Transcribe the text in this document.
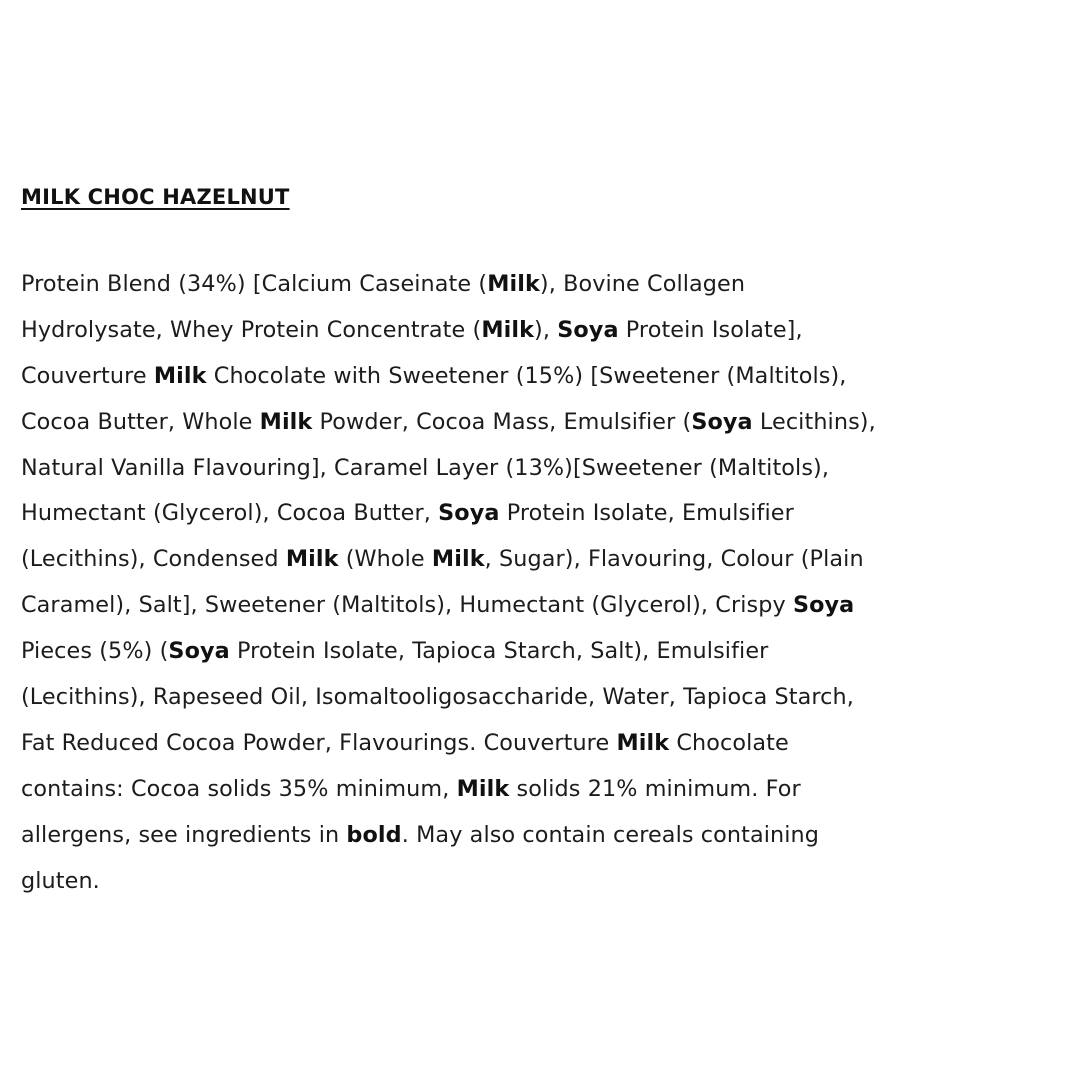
MILK CHOC HAZELNUT
Protein Blend (34%) [Calcium Caseinate (Milk), Bovine Collagen
Hydrolysate, Whey Protein Concentrate (Milk), Soya Protein Isolate],
Couverture Milk Chocolate with Sweetener (15%) [Sweetener (Maltitols),
Cocoa Butter, Whole Milk Powder, Cocoa Mass, Emulsifier (Soya Lecithins),
Natural Vanilla Flavouring], Caramel Layer (13%)[Sweetener (Maltitols),
Humectant (Glycerol), Cocoa Butter, Soya Protein Isolate, Emulsifier
(Lecithins), Condensed Milk (Whole Milk, Sugar), Flavouring, Colour (Plain
Caramel), Salt], Sweetener (Maltitols), Humectant (Glycerol), Crispy Soya
Pieces (5%) (Soya Protein Isolate, Tapioca Starch, Salt), Emulsifier
(Lecithins), Rapeseed Oil, Isomaltooligosaccharide, Water, Tapioca Starch,
Fat Reduced Cocoa Powder, Flavourings. Couverture Milk Chocolate
contains: Cocoa solids 35% minimum, Milk solids 21% minimum. For
allergens, see ingredients in bold. May also contain cereals containing
gluten.
